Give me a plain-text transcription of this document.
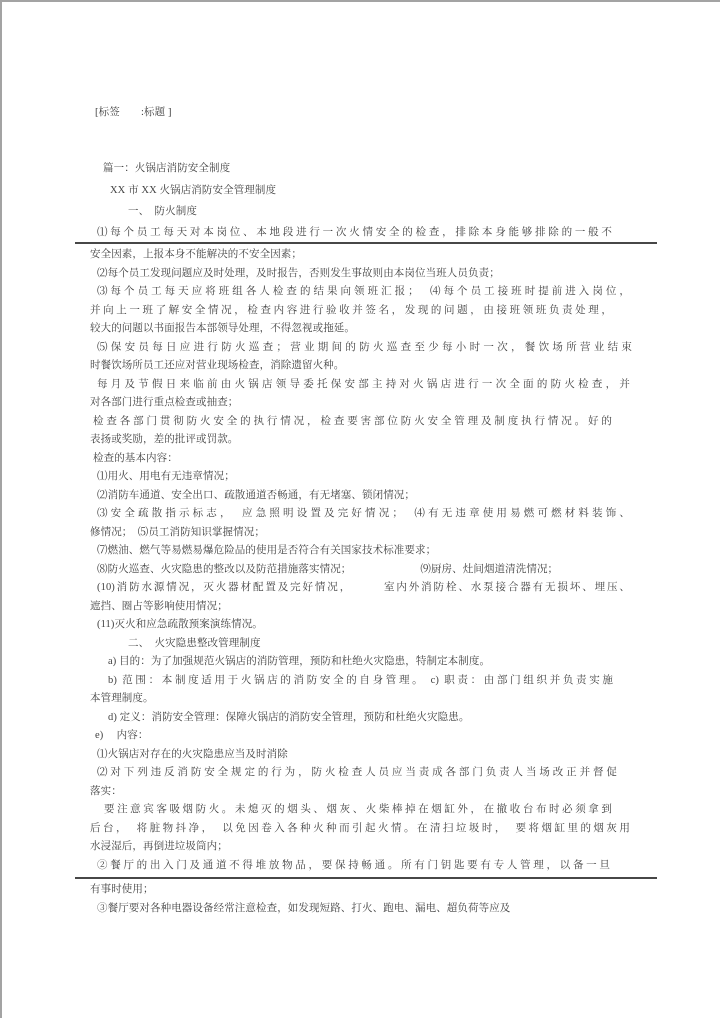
[标签　　:标题 ]
篇一：火锅店消防安全制度
XX 市 XX 火锅店消防安全管理制度
一、　防火制度
⑴每个员工每天对本岗位、本地段进行一次火情安全的检查，排除本身能够排除的一般不
安全因素，上报本身不能解决的不安全因素；
⑵每个员工发现问题应及时处理，及时报告，否则发生事故则由本岗位当班人员负责；
⑶每个员工每天应将班组各人检查的结果向领班汇报；　⑷每个员工接班时提前进入岗位，
并向上一班了解安全情况，检查内容进行验收并签名，发现的问题，由接班领班负责处理，
较大的问题以书面报告本部领导处理，不得忽视或拖延。
⑸保安员每日应进行防火巡查；营业期间的防火巡查至少每小时一次，餐饮场所营业结束
时餐饮场所员工还应对营业现场检查，消除遗留火种。
每月及节假日来临前由火锅店领导委托保安部主持对火锅店进行一次全面的防火检查，并
对各部门进行重点检查或抽查；
检查各部门贯彻防火安全的执行情况，检查要害部位防火安全管理及制度执行情况。好的
表扬或奖励，差的批评或罚款。
检查的基本内容：
⑴用火、用电有无违章情况；
⑵消防车通道、安全出口、疏散通道否畅通，有无堵塞、锁闭情况；
⑶安全疏散指示标志，　应急照明设置及完好情况；　⑷有无违章使用易燃可燃材料装饰、
修情况；　⑸员工消防知识掌握情况；
⑺燃油、燃气等易燃易爆危险品的使用是否符合有关国家技术标准要求；
⑻防火巡查、火灾隐患的整改以及防范措施落实情况；　　　　　　　⑼厨房、灶间烟道清洗情况；
(10)消防水源情况，灭火器材配置及完好情况，　　　室内外消防栓、水泵接合器有无损坏、埋压、
遮挡、圈占等影响使用情况；
(11)灭火和应急疏散预案演练情况。
二、　火灾隐患整改管理制度
a) 目的：为了加强规范火锅店的消防管理，预防和杜绝火灾隐患，特制定本制度。
b) 范围：本制度适用于火锅店的消防安全的自身管理。 c) 职责：由部门组织并负责实施
本管理制度。
d) 定义：消防安全管理：保障火锅店的消防安全管理，预防和杜绝火灾隐患。
e)　 内容：
⑴火锅店对存在的火灾隐患应当及时消除
⑵对下列违反消防安全规定的行为，防火检查人员应当责成各部门负责人当场改正并督促
落实：
要注意宾客吸烟防火。未熄灭的烟头、烟灰、火柴棒掉在烟缸外，在撤收台布时必须拿到
后台，　将脏物抖净，　以免因卷入各种火种而引起火情。在清扫垃圾时，　要将烟缸里的烟灰用
水浸湿后，再倒进垃圾筒内；
②餐厅的出入门及通道不得堆放物品，要保持畅通。所有门钥匙要有专人管理，以备一旦
有事时使用；
③餐厅要对各种电器设备经常注意检查，如发现短路、打火、跑电、漏电、超负荷等应及
